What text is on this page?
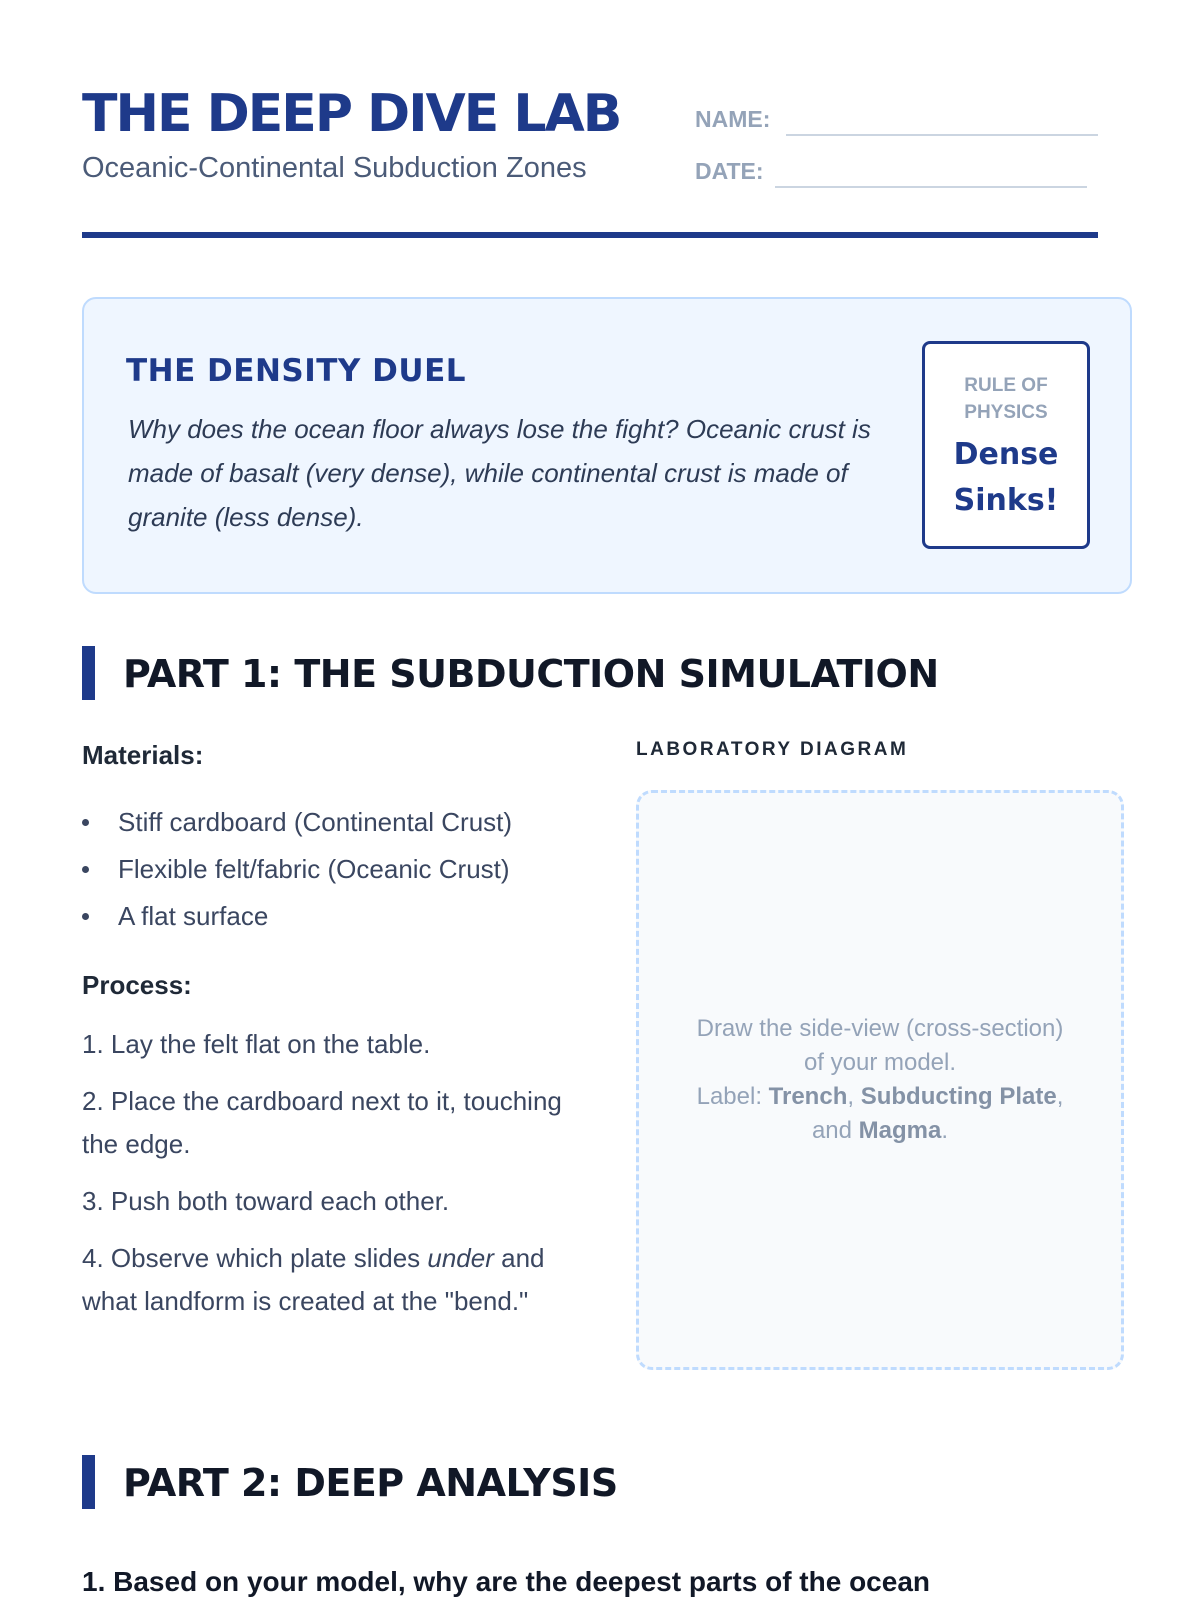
THE DEEP DIVE LAB
Oceanic-Continental Subduction Zones
NAME:
DATE:
THE DENSITY DUEL
Why does the ocean floor always lose the fight? Oceanic crust is made of basalt (very dense), while continental crust is made of granite (less dense).
RULE OF PHYSICS
Dense Sinks!
PART 1: THE SUBDUCTION SIMULATION
Materials:
Stiff cardboard (Continental Crust)
Flexible felt/fabric (Oceanic Crust)
A flat surface
Process:
1. Lay the felt flat on the table.
2. Place the cardboard next to it, touching the edge.
3. Push both toward each other.
4. Observe which plate slides under and what landform is created at the "bend."
LABORATORY DIAGRAM
Draw the side-view (cross-section) of your model.
Label: Trench, Subducting Plate, and Magma.
PART 2: DEEP ANALYSIS
1. Based on your model, why are the deepest parts of the ocean
